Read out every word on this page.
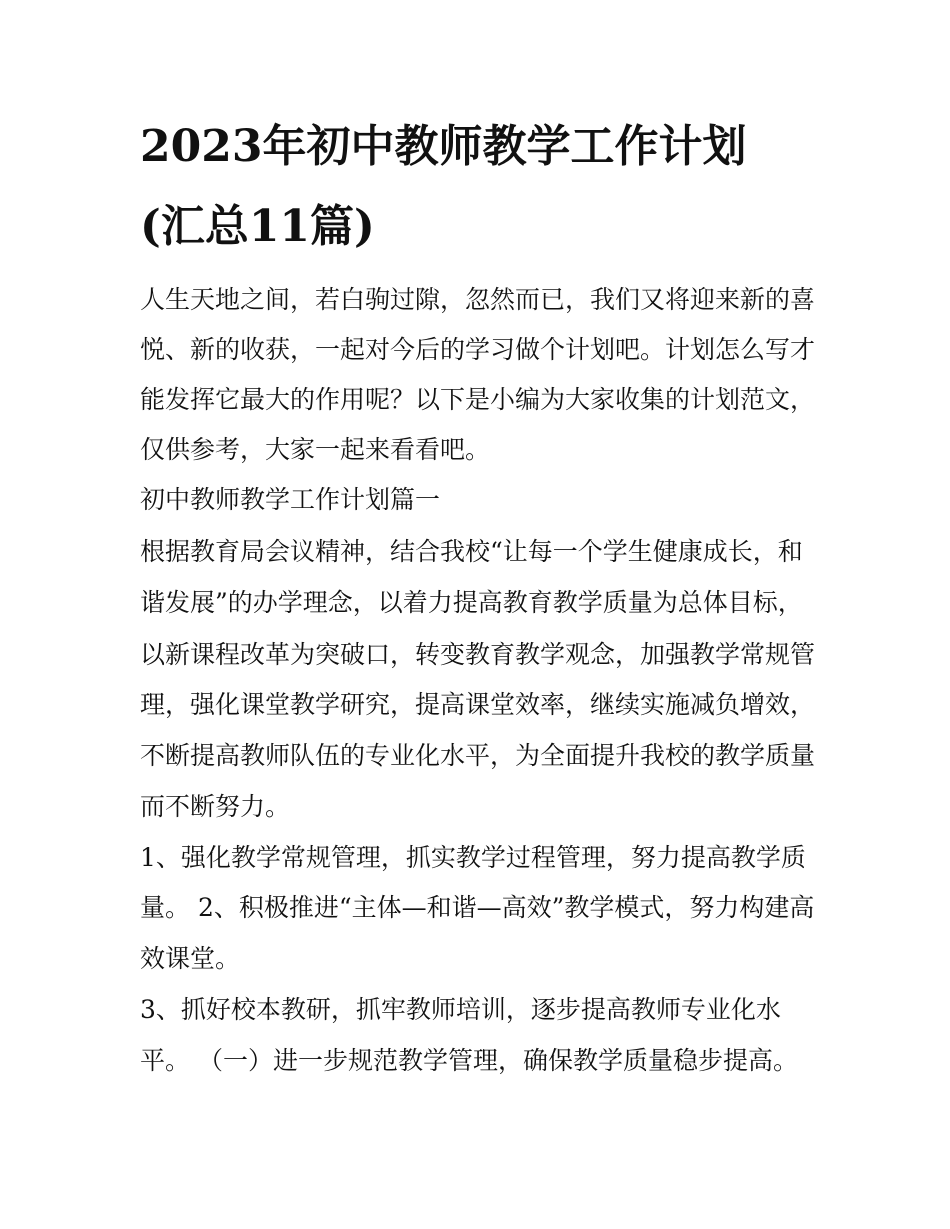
2023年初中教师教学工作计划
(汇总11篇)

人生天地之间，若白驹过隙，忽然而已，我们又将迎来新的喜

悦、新的收获，一起对今后的学习做个计划吧。计划怎么写才

能发挥它最大的作用呢？以下是小编为大家收集的计划范文，

仅供参考，大家一起来看看吧。

初中教师教学工作计划篇一

根据教育局会议精神，结合我校“让每一个学生健康成长，和

谐发展”的办学理念，以着力提高教育教学质量为总体目标，

以新课程改革为突破口，转变教育教学观念，加强教学常规管

理，强化课堂教学研究，提高课堂效率，继续实施减负增效，

不断提高教师队伍的专业化水平，为全面提升我校的教学质量

而不断努力。

1、强化教学常规管理，抓实教学过程管理，努力提高教学质

量。 2、积极推进“主体—和谐—高效”教学模式，努力构建高

效课堂。

3、抓好校本教研，抓牢教师培训，逐步提高教师专业化水

平。 （一）进一步规范教学管理，确保教学质量稳步提高。
